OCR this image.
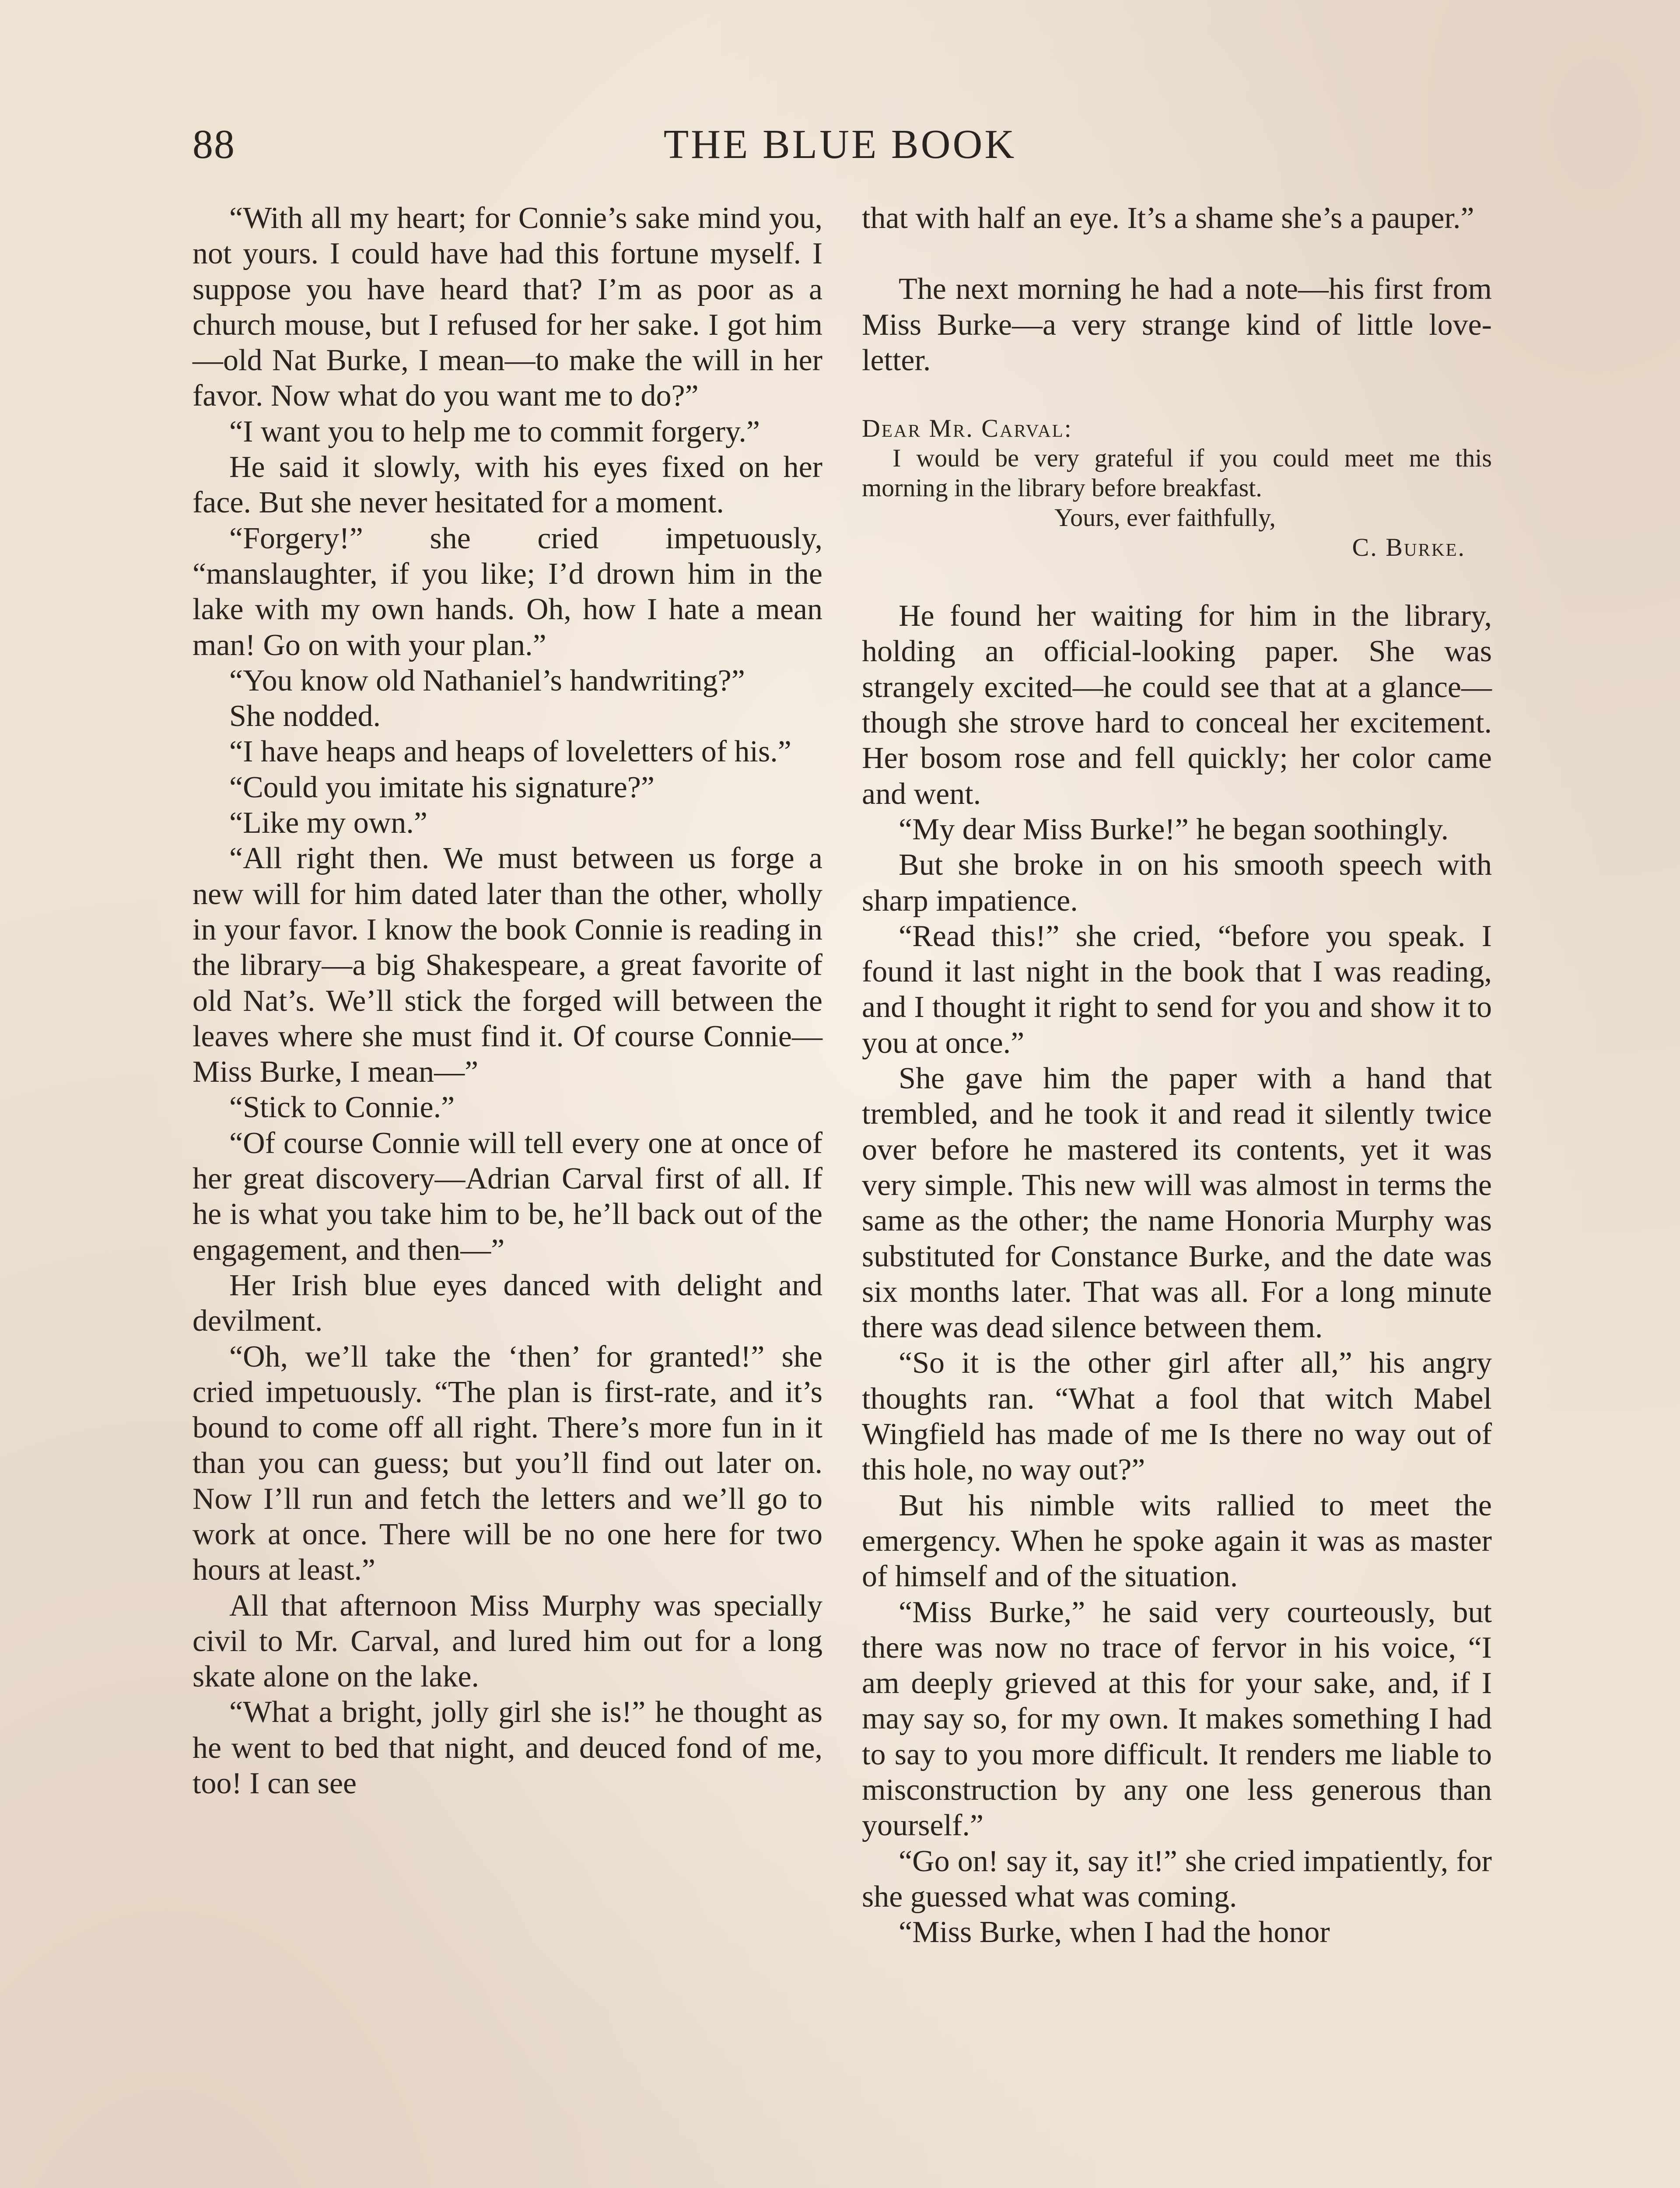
88	THE BLUE BOOK

“With all my heart; for Connie’s sake mind you, not yours. I could have had this fortune myself. I suppose you have heard that? I’m as poor as a church mouse, but I refused for her sake. I got him—old Nat Burke, I mean—to make the will in her favor. Now what do you want me to do?”

“I want you to help me to commit forgery.”

He said it slowly, with his eyes fixed on her face. But she never hesitated for a moment.

“Forgery!” she cried impetuously, “manslaughter, if you like; I’d drown him in the lake with my own hands. Oh, how I hate a mean man! Go on with your plan.”

“You know old Nathaniel’s handwriting?”

She nodded.

“I have heaps and heaps of loveletters of his.”

“Could you imitate his signature?”

“Like my own.”

“All right then. We must between us forge a new will for him dated later than the other, wholly in your favor. I know the book Connie is reading in the library—a big Shakespeare, a great favorite of old Nat’s. We’ll stick the forged will between the leaves where she must find it. Of course Connie—Miss Burke, I mean—”

“Stick to Connie.”

“Of course Connie will tell every one at once of her great discovery—Adrian Carval first of all. If he is what you take him to be, he’ll back out of the engagement, and then—”

Her Irish blue eyes danced with delight and devilment.

“Oh, we’ll take the ‘then’ for granted!” she cried impetuously. “The plan is first-rate, and it’s bound to come off all right. There’s more fun in it than you can guess; but you’ll find out later on. Now I’ll run and fetch the letters and we’ll go to work at once. There will be no one here for two hours at least.”

All that afternoon Miss Murphy was specially civil to Mr. Carval, and lured him out for a long skate alone on the lake.

“What a bright, jolly girl she is!” he thought as he went to bed that night, and deuced fond of me, too! I can see

that with half an eye. It’s a shame she’s a pauper.”

The next morning he had a note—his first from Miss Burke—a very strange kind of little love-letter.

Dear Mr. Carval:
I would be very grateful if you could meet me this morning in the library before breakfast.
Yours, ever faithfully,
C. Burke.

He found her waiting for him in the library, holding an official-looking paper. She was strangely excited—he could see that at a glance—though she strove hard to conceal her excitement. Her bosom rose and fell quickly; her color came and went.

“My dear Miss Burke!” he began soothingly.

But she broke in on his smooth speech with sharp impatience.

“Read this!” she cried, “before you speak. I found it last night in the book that I was reading, and I thought it right to send for you and show it to you at once.”

She gave him the paper with a hand that trembled, and he took it and read it silently twice over before he mastered its contents, yet it was very simple. This new will was almost in terms the same as the other; the name Honoria Murphy was substituted for Constance Burke, and the date was six months later. That was all. For a long minute there was dead silence between them.

“So it is the other girl after all,” his angry thoughts ran. “What a fool that witch Mabel Wingfield has made of me Is there no way out of this hole, no way out?”

But his nimble wits rallied to meet the emergency. When he spoke again it was as master of himself and of the situation.

“Miss Burke,” he said very courteously, but there was now no trace of fervor in his voice, “I am deeply grieved at this for your sake, and, if I may say so, for my own. It makes something I had to say to you more difficult. It renders me liable to misconstruction by any one less generous than yourself.”

“Go on! say it, say it!” she cried impatiently, for she guessed what was coming.

“Miss Burke, when I had the honor
